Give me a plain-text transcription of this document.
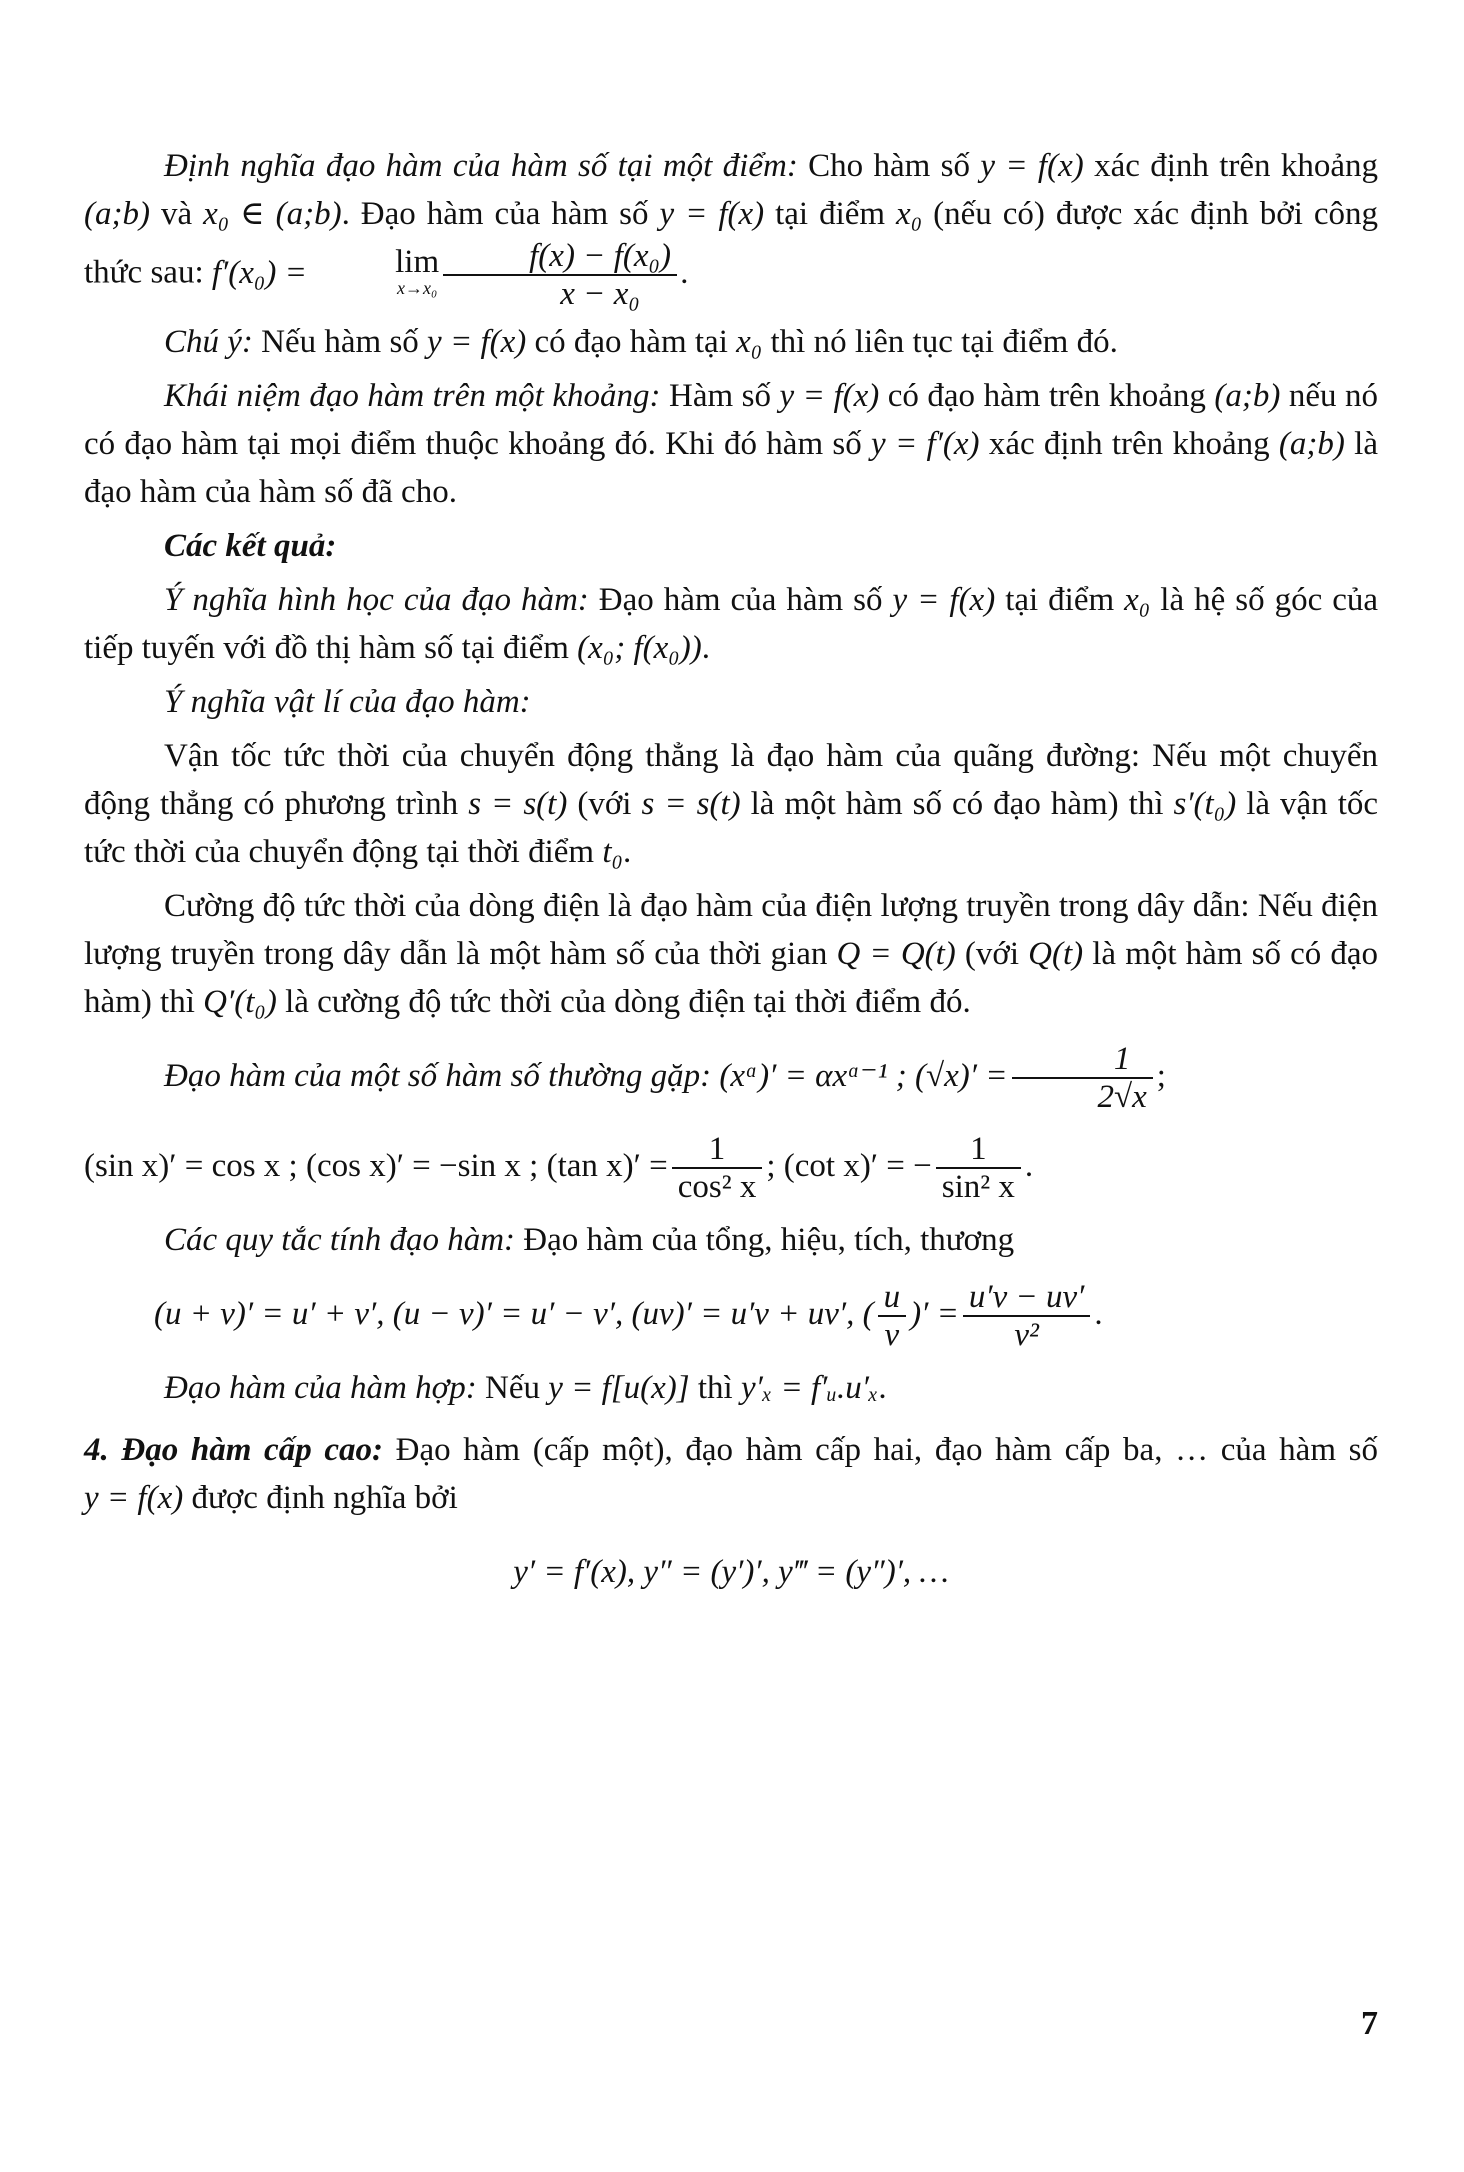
Định nghĩa đạo hàm của hàm số tại một điểm: Cho hàm số y = f(x) xác định trên khoảng (a;b) và x₀ ∈ (a;b). Đạo hàm của hàm số y = f(x) tại điểm x₀ (nếu có) được xác định bởi công thức sau: f′(x₀) =	lim
$x\to x_0 \frac{\text{f(x) − f(x₀)}}{\text{x − x₀}}$ .

Chú ý: Nếu hàm số y = f(x) có đạo hàm tại x₀ thì nó liên tục tại điểm đó.

Khái niệm đạo hàm trên một khoảng: Hàm số y = f(x) có đạo hàm trên khoảng (a;b) nếu nó có đạo hàm tại mọi điểm thuộc khoảng đó. Khi đó hàm số y = f′(x) xác định trên khoảng (a;b) là đạo hàm của hàm số đã cho.

Các kết quả:

Ý nghĩa hình học của đạo hàm: Đạo hàm của hàm số y = f(x) tại điểm x₀ là hệ số góc của tiếp tuyến với đồ thị hàm số tại điểm (x₀; f(x₀)).

Ý nghĩa vật lí của đạo hàm:

Vận tốc tức thời của chuyển động thẳng là đạo hàm của quãng đường: Nếu một chuyển động thẳng có phương trình s = s(t) (với s = s(t) là một hàm số có đạo hàm) thì s′(t₀) là vận tốc tức thời của chuyển động tại thời điểm t₀.

Cường độ tức thời của dòng điện là đạo hàm của điện lượng truyền trong dây dẫn: Nếu điện lượng truyền trong dây dẫn là một hàm số của thời gian Q = Q(t) (với Q(t) là một hàm số có đạo hàm) thì Q′(t₀) là cường độ tức thời của dòng điện tại thời điểm đó.

Đạo hàm của một số hàm số thường gặp: (xᵅ)′ = αxᵅ⁻¹ ; $(√x)' = \frac{1}{2√x}$ ;

(sin x)′ = cos x ; (cos x)′ = −sin x ; (tan $x)' = \frac{1}{\text{cos² x}}$ ; (cot x)′ = − $\frac{1}{\text{sin² x}}$ .

Các quy tắc tính đạo hàm: Đạo hàm của tổng, hiệu, tích, thương

(u + v)′ = u′ + v′, (u − v)′ = u′ − v′, (uv)′ = u′v + uv′, ( $\frac{u}{v}$ )′ = $\frac{u'v - uv'}{\text{v²}}$ .

Đạo hàm của hàm hợp: Nếu y = f[u(x)] thì y′ₓ = f′ᵤ.u′ₓ.

4. Đạo hàm cấp cao: Đạo hàm (cấp một), đạo hàm cấp hai, đạo hàm cấp ba, … của hàm số y = f(x) được định nghĩa bởi

y′ = f′(x), y″ = (y′)′, y‴ = (y″)′, …

7
